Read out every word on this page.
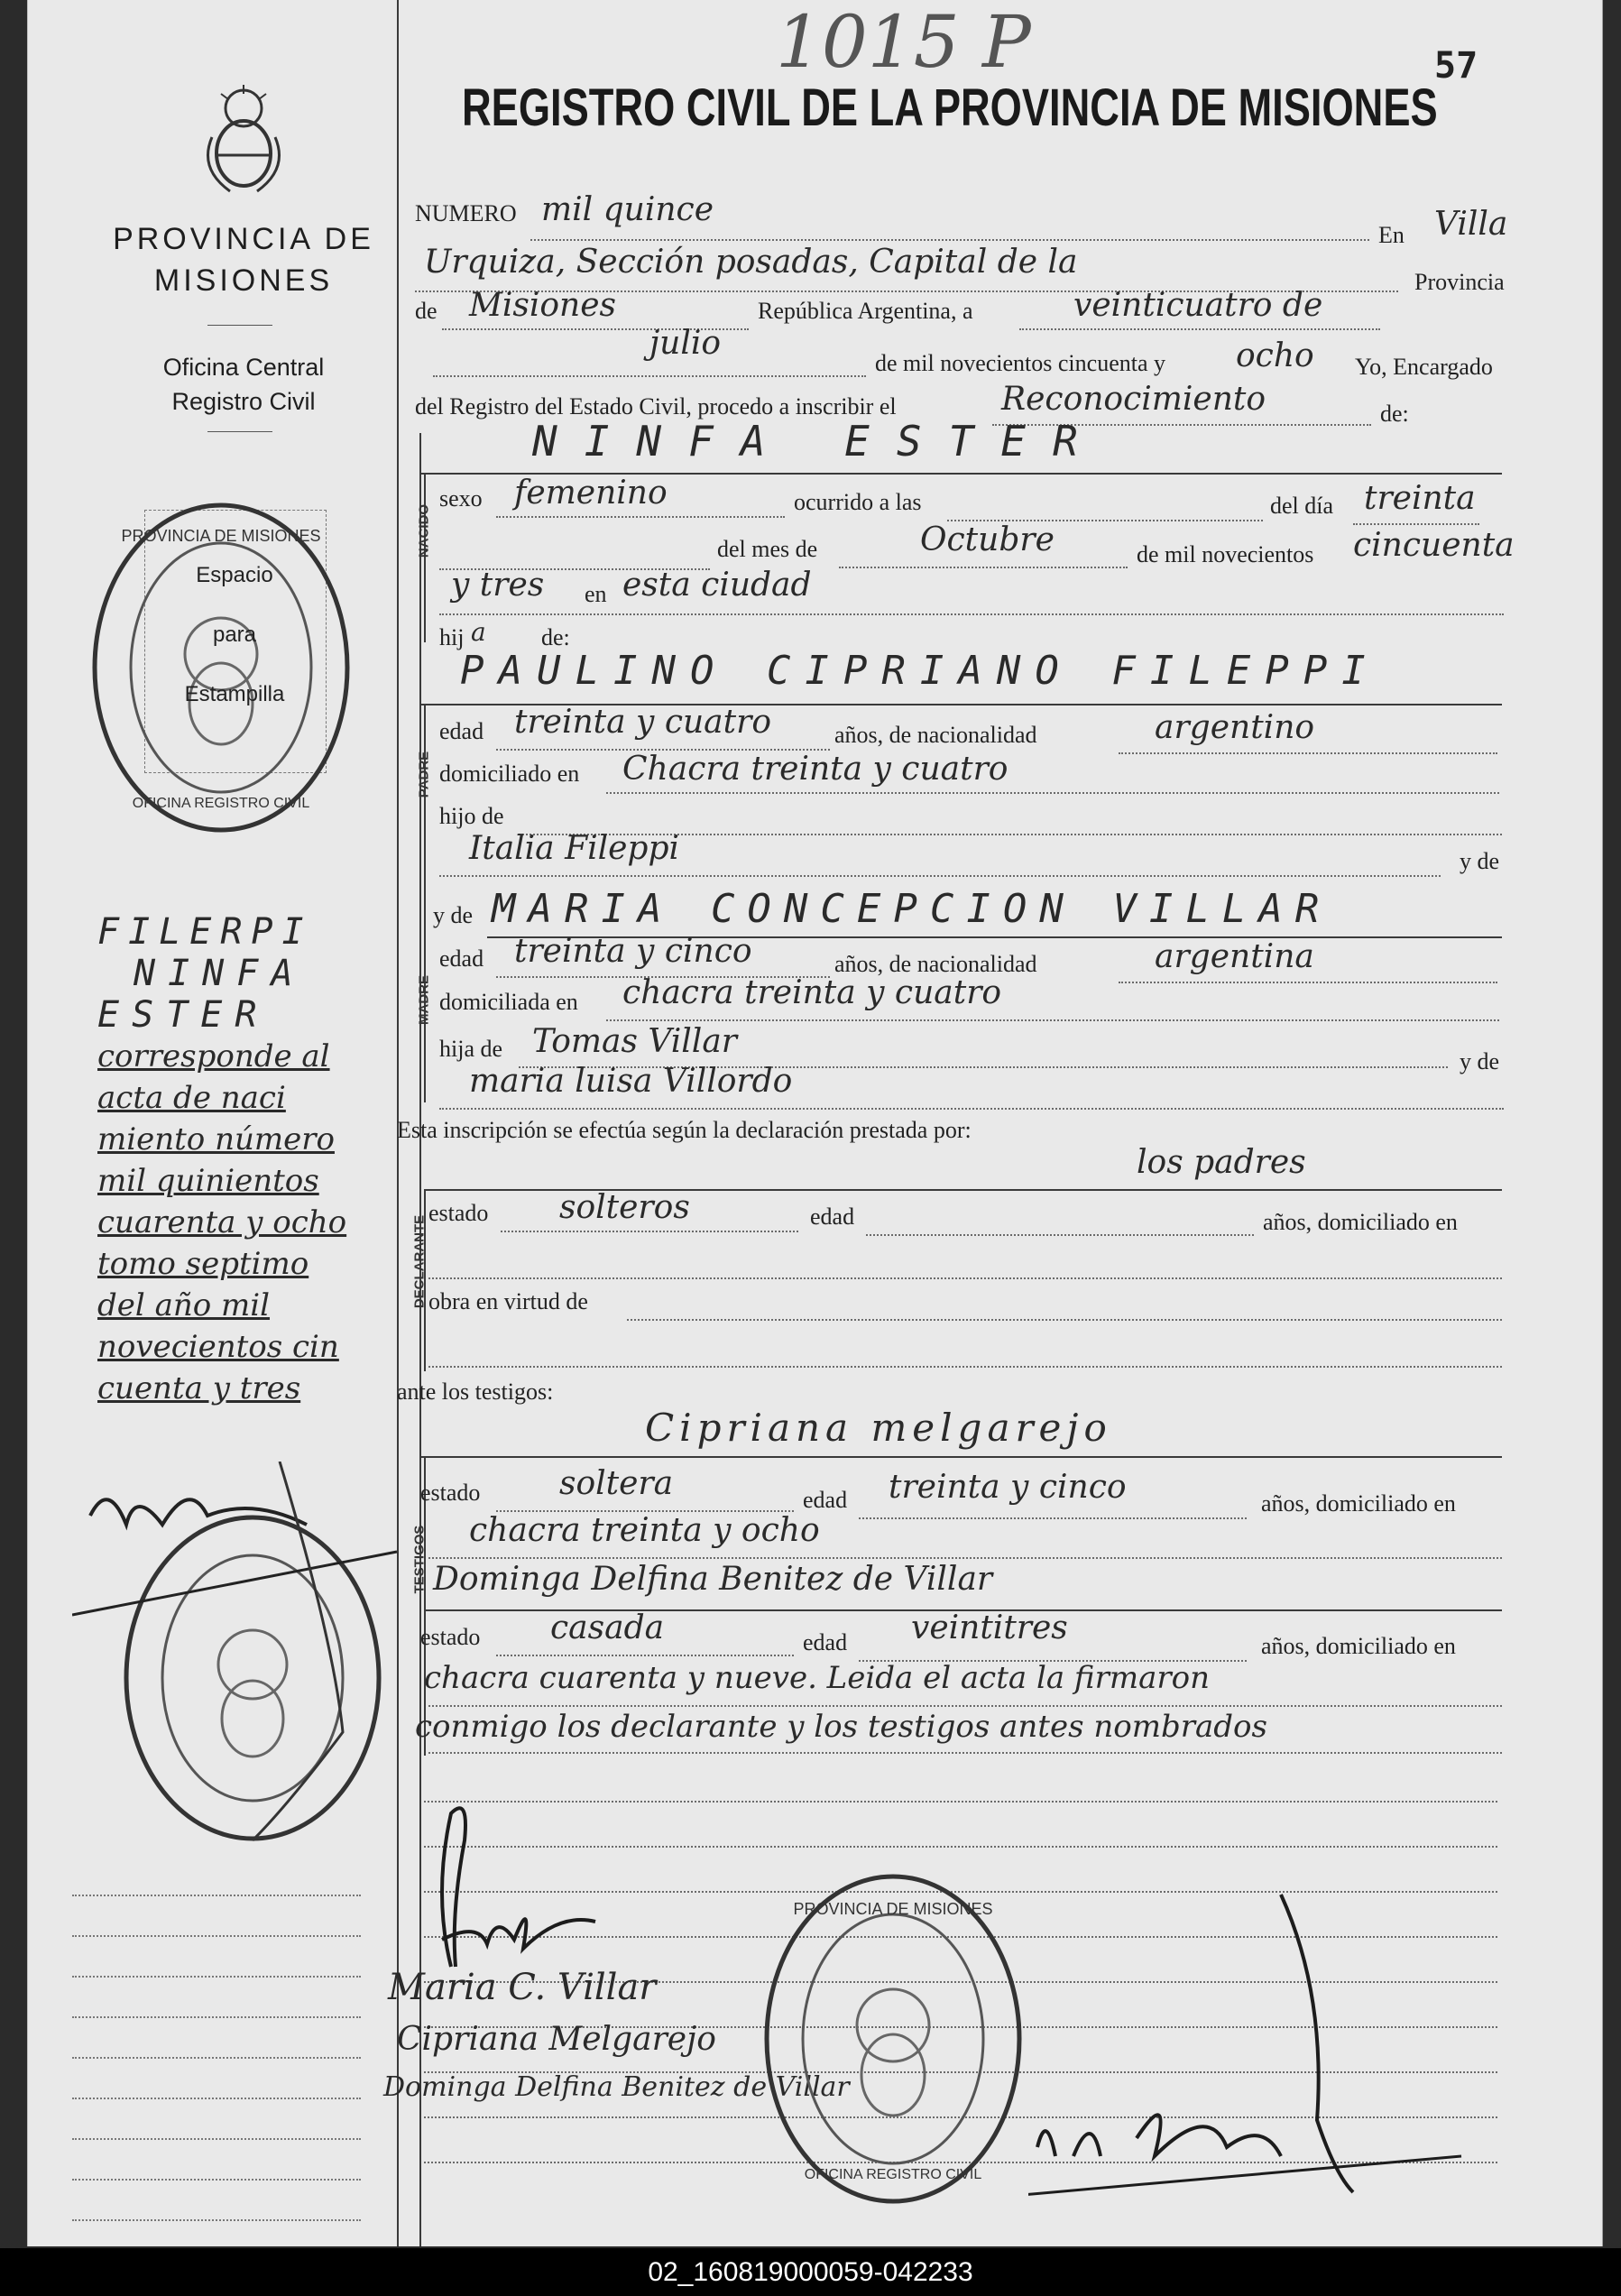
PROVINCIA DE
MISIONES
Oficina Central
Registro Civil
PROVINCIA DE MISIONES
OFICINA REGISTRO CIVIL
Espacio
para
Estampilla
FILERPI
NINFA
ESTER
corresponde al
acta de naci
miento número
mil quinientos
cuarenta y ocho
tomo septimo
del año mil
novecientos cin
cuenta y tres
1015 P	57
REGISTRO CIVIL DE LA PROVINCIA DE MISIONES
NUMERO mil quince
En Villa
Urquiza, Sección posadas, Capital de la
Provincia
de Misiones	República Argentina, a	veinticuatro de
julio
de mil novecientos cincuenta y ocho Yo, Encargado
del Registro del Estado Civil, procedo a inscribir el	Reconocimiento	de:
NINFA ESTER
NACIDO
sexo femenino	ocurrido a las	del día treinta
del mes de	Octubre	de mil novecientos cincuenta
y tres en esta ciudad
hij a de:
PAULINO CIPRIANO FILEPPI
PADRE
edad treinta y cuatro	años, de nacionalidad	argentino
domiciliado en Chacra treinta y cuatro
hijo de
Italia Fileppi	y de
MADRE
y de MARIA CONCEPCION VILLAR
edad treinta y cinco	años, de nacionalidad	argentina
domiciliada en chacra treinta y cuatro
hija de Tomas Villar
y de
maria luisa Villordo
Esta inscripción se efectúa según la declaración prestada por:
los padres
DECLARANTE
estado solteros	edad	años, domiciliado en
obra en virtud de
ante los testigos:
Cipriana melgarejo
TESTIGOS
estado soltera	edad treinta y cinco	años, domiciliado en
chacra treinta y ocho
Dominga Delfina Benitez de Villar
estado casada	edad veintitres	años, domiciliado en
chacra cuarenta y nueve. Leida el acta la firmaron
conmigo los declarante y los testigos antes nombrados
Maria C. Villar
Cipriana Melgarejo
Dominga Delfina Benitez de Villar
PROVINCIA DE MISIONES
OFICINA REGISTRO CIVIL
02_160819000059-042233
